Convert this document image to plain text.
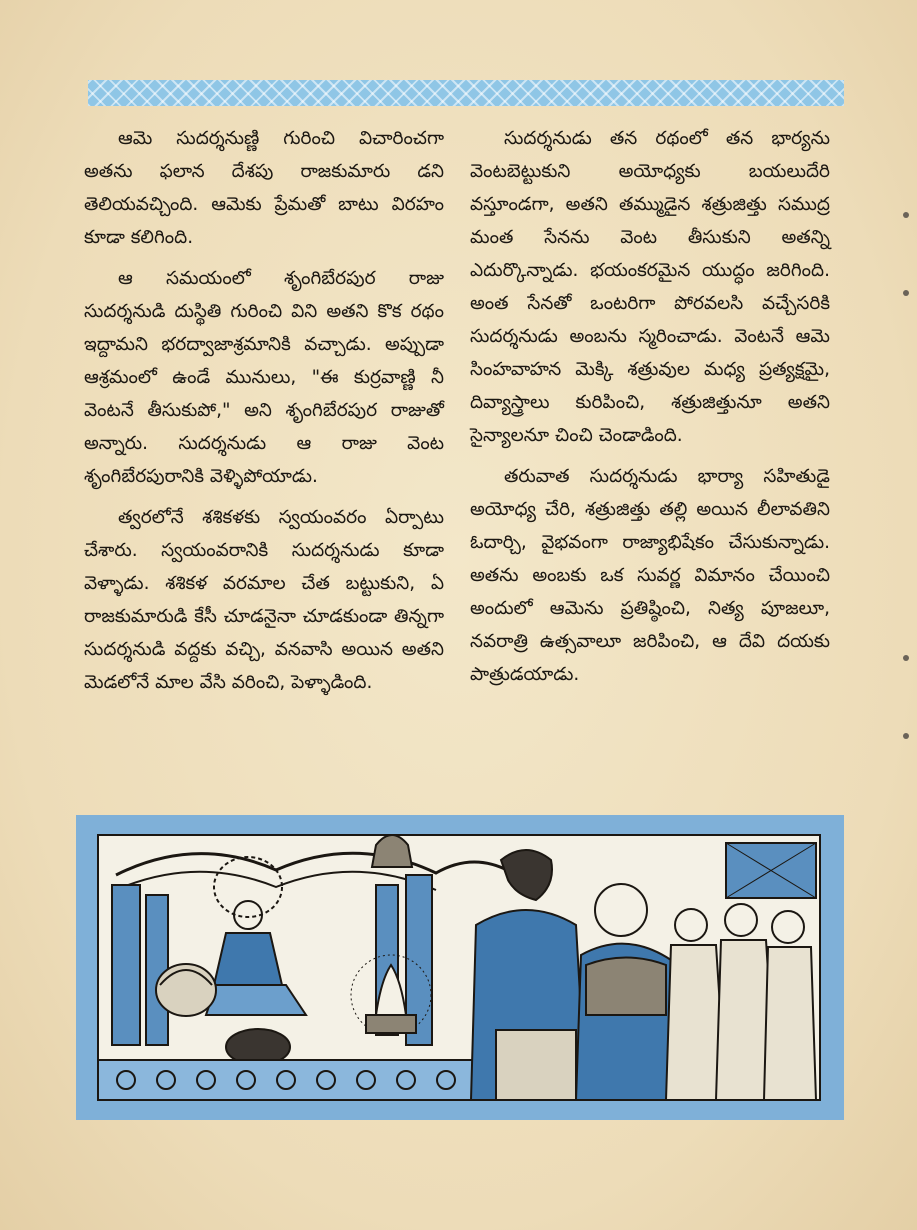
ఆమె సుదర్శనుణ్ణి గురించి విచారించగా అతను ఫలాన దేశపు రాజకుమారు డని తెలియవచ్చింది. ఆమెకు ప్రేమతో బాటు విరహం కూడా కలిగింది.

ఆ సమయంలో శృంగిబేరపుర రాజు సుదర్శనుడి దుస్థితి గురించి విని అతని కొక రథం ఇద్దామని భరద్వాజాశ్రమానికి వచ్చాడు. అప్పుడా ఆశ్రమంలో ఉండే మునులు, "ఈ కుర్రవాణ్ణి నీ వెంటనే తీసుకుపో," అని శృంగిబేరపుర రాజుతో అన్నారు. సుదర్శనుడు ఆ రాజు వెంట శృంగిబేరపురానికి వెళ్ళిపోయాడు.

త్వరలోనే శశికళకు స్వయంవరం ఏర్పాటు చేశారు. స్వయంవరానికి సుదర్శనుడు కూడా వెళ్ళాడు. శశికళ వరమాల చేత బట్టుకుని, ఏ రాజకుమారుడి కేసీ చూడనైనా చూడకుండా తిన్నగా సుదర్శనుడి వద్దకు వచ్చి, వనవాసి అయిన అతని మెడలోనే మాల వేసి వరించి, పెళ్ళాడింది.

సుదర్శనుడు తన రథంలో తన భార్యను వెంటబెట్టుకుని అయోధ్యకు బయలుదేరి వస్తూండగా, అతని తమ్ముడైన శత్రుజిత్తు సముద్ర మంత సేనను వెంట తీసుకుని అతన్ని ఎదుర్కొన్నాడు. భయంకరమైన యుద్ధం జరిగింది. అంత సేనతో ఒంటరిగా పోరవలసి వచ్చేసరికి సుదర్శనుడు అంబను స్మరించాడు. వెంటనే ఆమె సింహవాహన మెక్కి శత్రువుల మధ్య ప్రత్యక్షమై, దివ్యాస్త్రాలు కురిపించి, శత్రుజిత్తునూ అతని సైన్యాలనూ చించి చెండాడింది.

తరువాత సుదర్శనుడు భార్యా సహితుడై అయోధ్య చేరి, శత్రుజిత్తు తల్లి అయిన లీలావతిని ఓదార్చి, వైభవంగా రాజ్యాభిషేకం చేసుకున్నాడు. అతను అంబకు ఒక సువర్ణ విమానం చేయించి అందులో ఆమెను ప్రతిష్ఠించి, నిత్య పూజలూ, నవరాత్రి ఉత్సవాలూ జరిపించి, ఆ దేవి దయకు పాత్రుడయాడు.
